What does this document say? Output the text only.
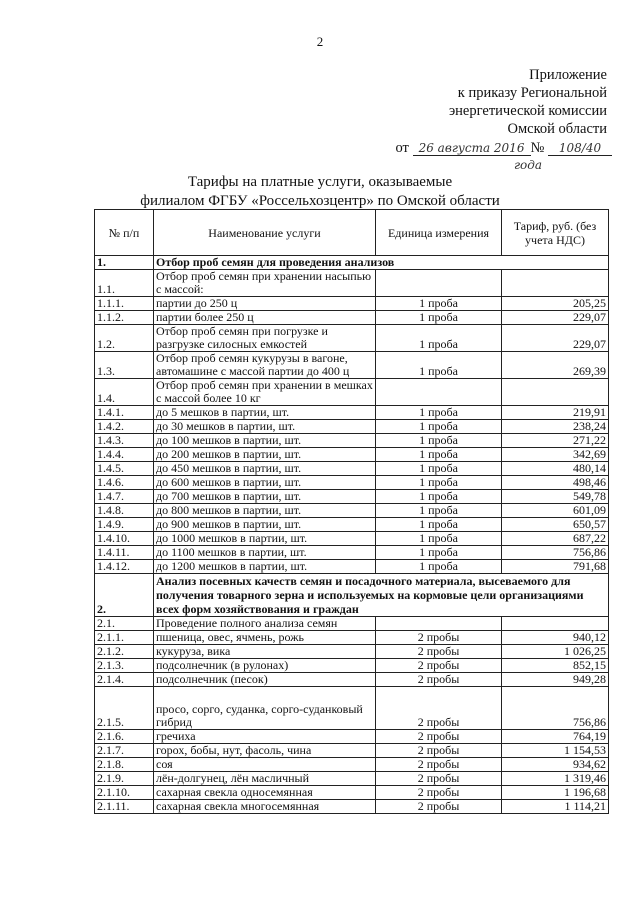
2
Приложение
к приказу Региональной
энергетической комиссии
Омской области
от 26 августа 2016 № 108/40
года
Тарифы на платные услуги, оказываемые
филиалом ФГБУ «Россельхозцентр» по Омской области
№ п/п	Наименование услуги	Единица измерения	Тариф, руб. (без учета НДС)
1.	Отбор проб семян для проведения анализов		
1.1.	Отбор проб семян при хранении насыпью с массой:		
1.1.1.	партии до 250 ц	1 проба	205,25
1.1.2.	партии более 250 ц	1 проба	229,07
1.2.	Отбор проб семян при погрузке и разгрузке силосных емкостей	1 проба	229,07
1.3.	Отбор проб семян кукурузы в вагоне, автомашине с массой партии до 400 ц	1 проба	269,39
1.4.	Отбор проб семян при хранении в мешках с массой более 10 кг		
1.4.1.	до 5 мешков в партии, шт.	1 проба	219,91
1.4.2.	до 30 мешков в партии, шт.	1 проба	238,24
1.4.3.	до 100 мешков в партии, шт.	1 проба	271,22
1.4.4.	до 200 мешков в партии, шт.	1 проба	342,69
1.4.5.	до 450 мешков в партии, шт.	1 проба	480,14
1.4.6.	до 600 мешков в партии, шт.	1 проба	498,46
1.4.7.	до 700 мешков в партии, шт.	1 проба	549,78
1.4.8.	до 800 мешков в партии, шт.	1 проба	601,09
1.4.9.	до 900 мешков в партии, шт.	1 проба	650,57
1.4.10.	до 1000 мешков в партии, шт.	1 проба	687,22
1.4.11.	до 1100 мешков в партии, шт.	1 проба	756,86
1.4.12.	до 1200 мешков в партии, шт.	1 проба	791,68
2.	Анализ посевных качеств семян и посадочного материала, высеваемого для получения товарного зерна и используемых на кормовые цели организациями всех форм хозяйствования и граждан		
2.1.	Проведение полного анализа семян		
2.1.1.	пшеница, овес, ячмень, рожь	2 пробы	940,12
2.1.2.	кукуруза, вика	2 пробы	1 026,25
2.1.3.	подсолнечник (в рулонах)	2 пробы	852,15
2.1.4.	подсолнечник (песок)	2 пробы	949,28
2.1.5.	просо, сорго, суданка, сорго-суданковый гибрид	2 пробы	756,86
2.1.6.	гречиха	2 пробы	764,19
2.1.7.	горох, бобы, нут, фасоль, чина	2 пробы	1 154,53
2.1.8.	соя	2 пробы	934,62
2.1.9.	лён-долгунец, лён масличный	2 пробы	1 319,46
2.1.10.	сахарная свекла односемянная	2 пробы	1 196,68
2.1.11.	сахарная свекла многосемянная	2 пробы	1 114,21
